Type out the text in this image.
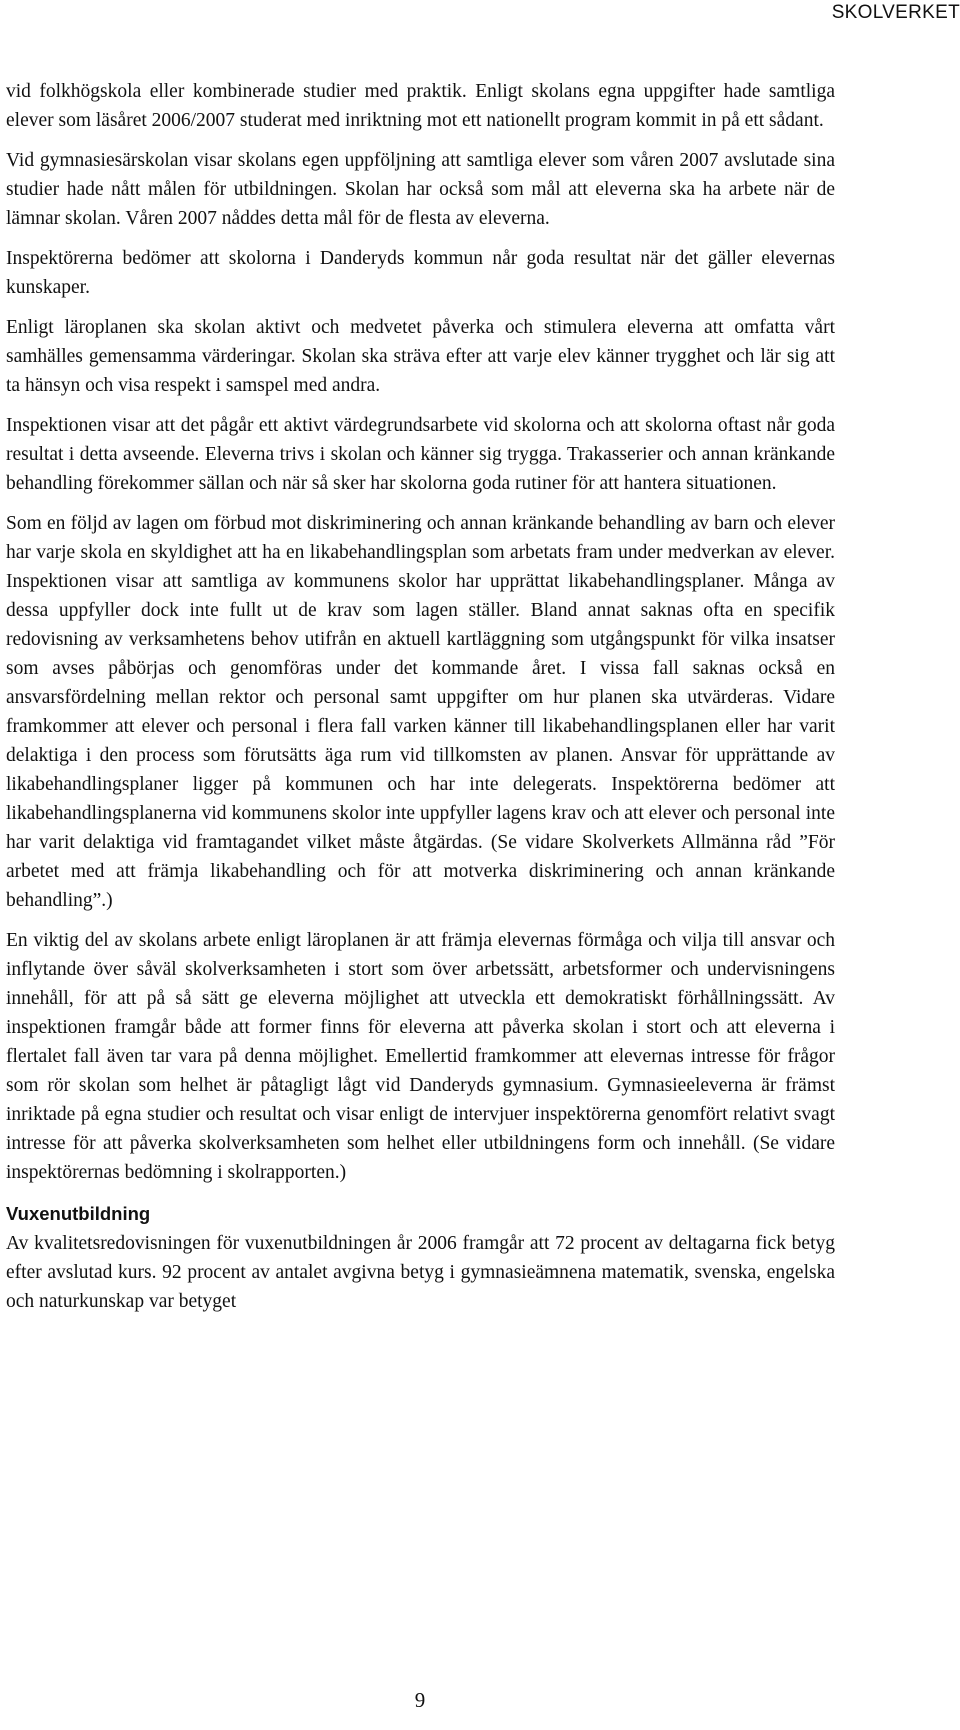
SKOLVERKET

vid folkhögskola eller kombinerade studier med praktik. Enligt skolans egna uppgifter hade samtliga elever som läsåret 2006/2007 studerat med inriktning mot ett nationellt program kommit in på ett sådant.

Vid gymnasiesärskolan visar skolans egen uppföljning att samtliga elever som våren 2007 avslutade sina studier hade nått målen för utbildningen. Skolan har också som mål att eleverna ska ha arbete när de lämnar skolan. Våren 2007 nåddes detta mål för de flesta av eleverna.

Inspektörerna bedömer att skolorna i Danderyds kommun når goda resultat när det gäller elevernas kunskaper.

Enligt läroplanen ska skolan aktivt och medvetet påverka och stimulera eleverna att omfatta vårt samhälles gemensamma värderingar. Skolan ska sträva efter att varje elev känner trygghet och lär sig att ta hänsyn och visa respekt i samspel med andra.

Inspektionen visar att det pågår ett aktivt värdegrundsarbete vid skolorna och att skolorna oftast når goda resultat i detta avseende. Eleverna trivs i skolan och känner sig trygga. Trakasserier och annan kränkande behandling förekommer sällan och när så sker har skolorna goda rutiner för att hantera situationen.

Som en följd av lagen om förbud mot diskriminering och annan kränkande behandling av barn och elever har varje skola en skyldighet att ha en likabehandlingsplan som arbetats fram under medverkan av elever. Inspektionen visar att samtliga av kommunens skolor har upprättat likabehandlingsplaner. Många av dessa uppfyller dock inte fullt ut de krav som lagen ställer. Bland annat saknas ofta en specifik redovisning av verksamhetens behov utifrån en aktuell kartläggning som utgångspunkt för vilka insatser som avses påbörjas och genomföras under det kommande året. I vissa fall saknas också en ansvarsfördelning mellan rektor och personal samt uppgifter om hur planen ska utvärderas. Vidare framkommer att elever och personal i flera fall varken känner till likabehandlingsplanen eller har varit delaktiga i den process som förutsätts äga rum vid tillkomsten av planen. Ansvar för upprättande av likabehandlingsplaner ligger på kommunen och har inte delegerats. Inspektörerna bedömer att likabehandlingsplanerna vid kommunens skolor inte uppfyller lagens krav och att elever och personal inte har varit delaktiga vid framtagandet vilket måste åtgärdas. (Se vidare Skolverkets Allmänna råd ”För arbetet med att främja likabehandling och för att motverka diskriminering och annan kränkande behandling”.)

En viktig del av skolans arbete enligt läroplanen är att främja elevernas förmåga och vilja till ansvar och inflytande över såväl skolverksamheten i stort som över arbetssätt, arbetsformer och undervisningens innehåll, för att på så sätt ge eleverna möjlighet att utveckla ett demokratiskt förhållningssätt. Av inspektionen framgår både att former finns för eleverna att påverka skolan i stort och att eleverna i flertalet fall även tar vara på denna möjlighet. Emellertid framkommer att elevernas intresse för frågor som rör skolan som helhet är påtagligt lågt vid Danderyds gymnasium. Gymnasieeleverna är främst inriktade på egna studier och resultat och visar enligt de intervjuer inspektörerna genomfört relativt svagt intresse för att påverka skolverksamheten som helhet eller utbildningens form och innehåll. (Se vidare inspektörernas bedömning i skolrapporten.)

Vuxenutbildning

Av kvalitetsredovisningen för vuxenutbildningen år 2006 framgår att 72 procent av deltagarna fick betyg efter avslutad kurs. 92 procent av antalet avgivna betyg i gymnasieämnena matematik, svenska, engelska och naturkunskap var betyget

9
